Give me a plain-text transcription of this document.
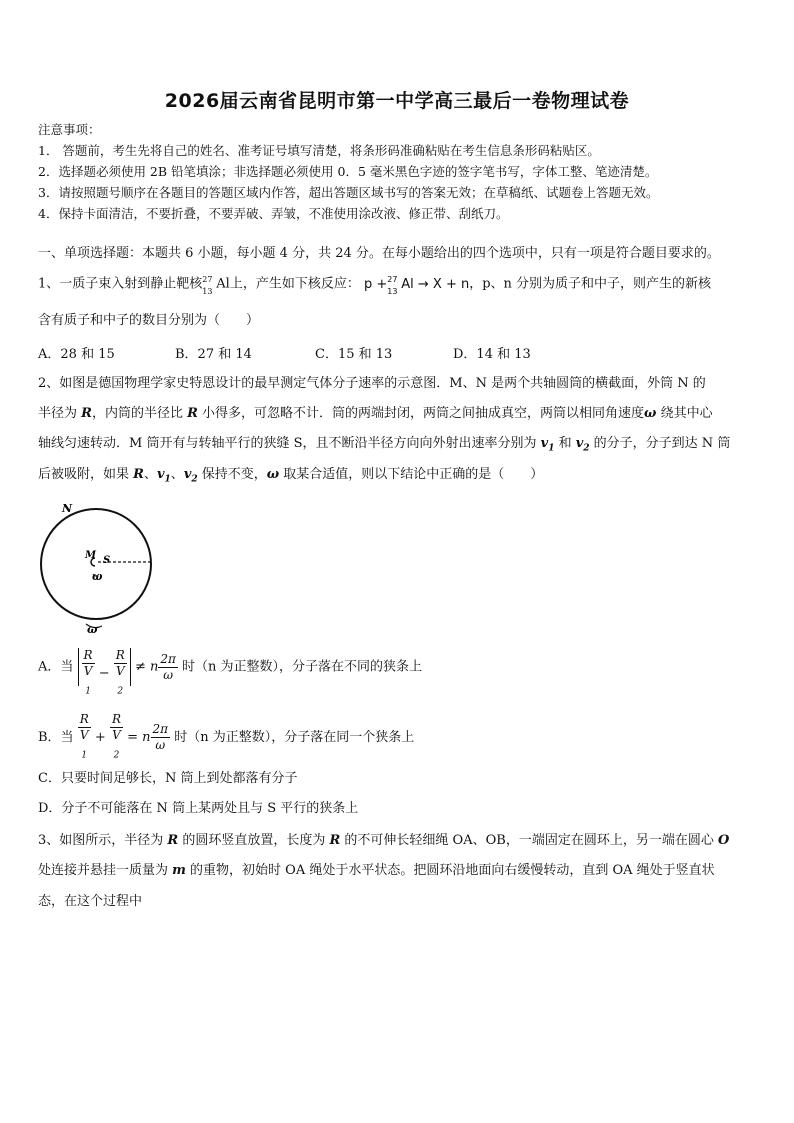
2026届云南省昆明市第一中学高三最后一卷物理试卷
注意事项：
1． 答题前，考生先将自己的姓名、准考证号填写清楚，将条形码准确粘贴在考生信息条形码粘贴区。
2．选择题必须使用 2B 铅笔填涂；非选择题必须使用 0．5 毫米黑色字迹的签字笔书写，字体工整、笔迹清楚。
3．请按照题号顺序在各题目的答题区域内作答，超出答题区域书写的答案无效；在草稿纸、试题卷上答题无效。
4．保持卡面清洁，不要折叠，不要弄破、弄皱，不准使用涂改液、修正带、刮纸刀。
一、单项选择题：本题共 6 小题，每小题 4 分，共 24 分。在每小题给出的四个选项中，只有一项是符合题目要求的。
1、一质子束入射到静止靶核 27
13 Al上，产生如下核反应： p + 27
13 Al → X + n，p、n 分别为质子和中子，则产生的新核
含有质子和中子的数目分别为（　　）
A．28 和 15	B．27 和 14	C．15 和 13	D．14 和 13
2、如图是德国物理学家史特恩设计的最早测定气体分子速率的示意图．M、N 是两个共轴圆筒的横截面，外筒 N 的
半径为 R，内筒的半径比 R 小得多，可忽略不计．筒的两端封闭，两筒之间抽成真空，两筒以相同角速度ω 绕其中心
轴线匀速转动．M 筒开有与转轴平行的狭缝 S，且不断沿半径方向向外射出速率分别为 $v_1$ 和 $v_2$ 的分子，分子到达 N 筒
后被吸附，如果 R、$v_1$、$v_2$ 保持不变，ω 取某合适值，则以下结论中正确的是（　　）
N
M S
ω
ω
A．当 R
V
$_1$ − R
V
$_2$ ≠ n $\frac{2\pi}{\omega}$ 时（n 为正整数），分子落在不同的狭条上
B．当 R
V
$_1$ + R
V
$_2$ = n $\frac{2\pi}{\omega}$ 时（n 为正整数），分子落在同一个狭条上
C．只要时间足够长，N 筒上到处都落有分子
D．分子不可能落在 N 筒上某两处且与 S 平行的狭条上
3、如图所示，半径为 R 的圆环竖直放置，长度为 R 的不可伸长轻细绳 OA、OB，一端固定在圆环上，另一端在圆心 O
处连接并悬挂一质量为 m 的重物，初始时 OA 绳处于水平状态。把圆环沿地面向右缓慢转动，直到 OA 绳处于竖直状
态，在这个过程中
